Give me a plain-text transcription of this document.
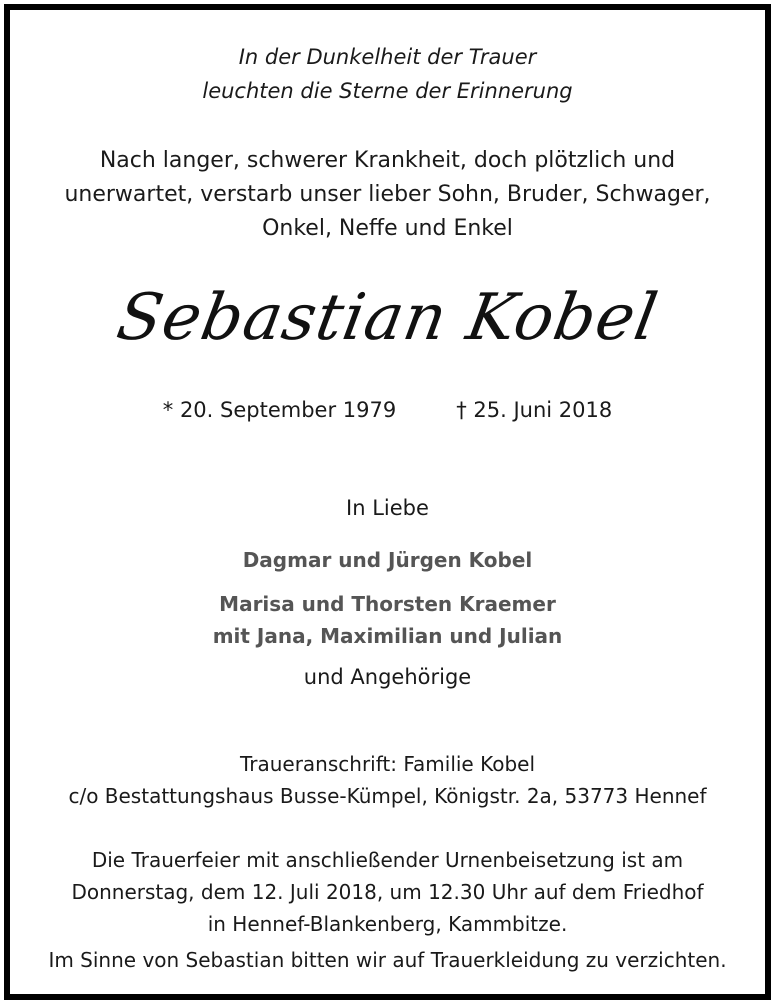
In der Dunkelheit der Trauer
leuchten die Sterne der Erinnerung
Nach langer, schwerer Krankheit, doch plötzlich und
unerwartet, verstarb unser lieber Sohn, Bruder, Schwager,
Onkel, Neffe und Enkel
Sebastian Kobel
* 20. September 1979	† 25. Juni 2018
In Liebe
Dagmar und Jürgen Kobel
Marisa und Thorsten Kraemer
mit Jana, Maximilian und Julian
und Angehörige
Traueranschrift: Familie Kobel
c/o Bestattungshaus Busse-Kümpel, Königstr. 2a, 53773 Hennef
Die Trauerfeier mit anschließender Urnenbeisetzung ist am
Donnerstag, dem 12. Juli 2018, um 12.30 Uhr auf dem Friedhof
in Hennef-Blankenberg, Kammbitze.
Im Sinne von Sebastian bitten wir auf Trauerkleidung zu verzichten.
